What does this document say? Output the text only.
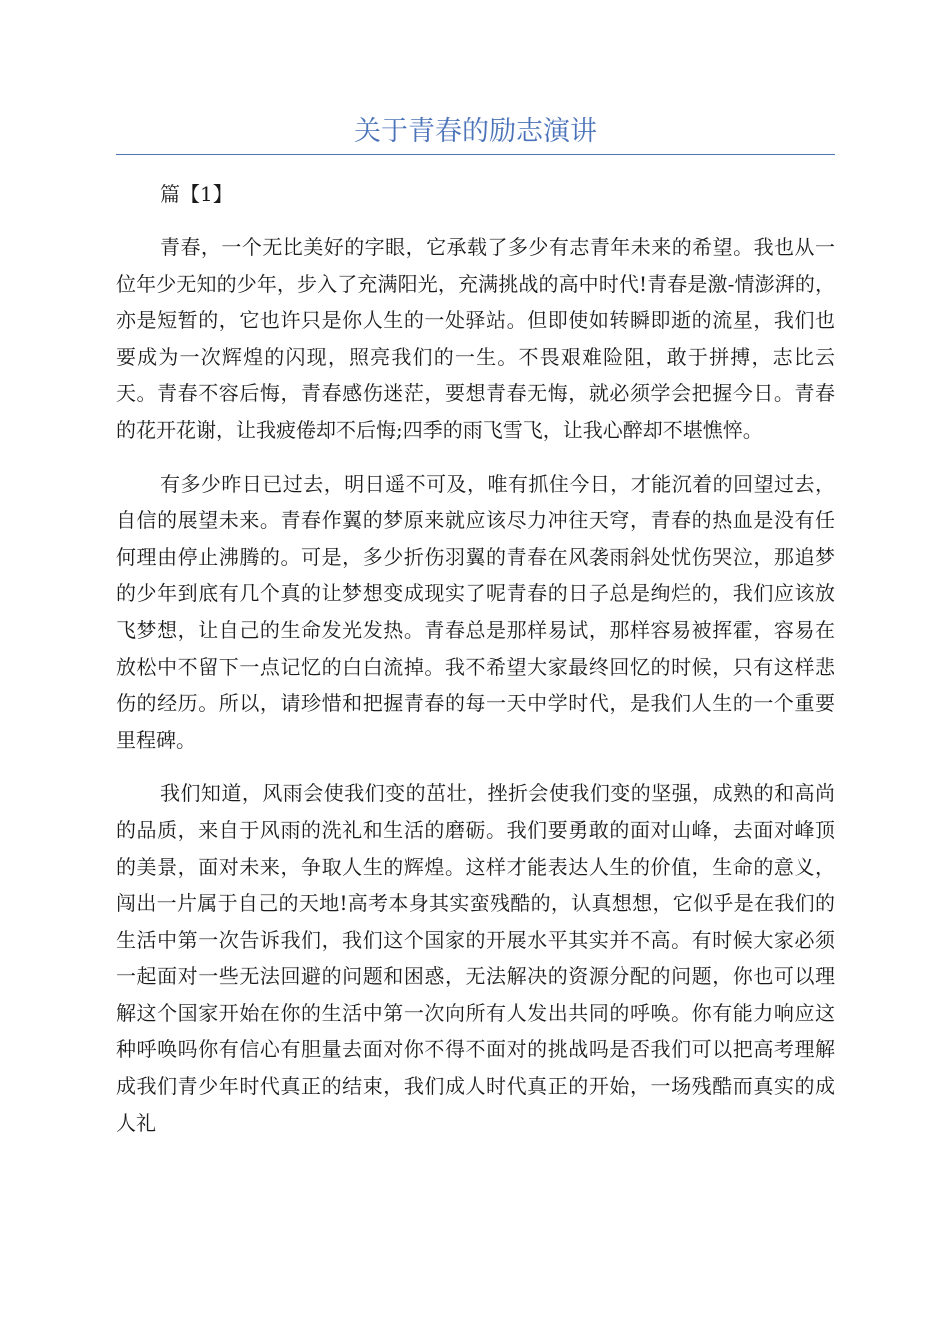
关于青春的励志演讲

篇【1】

青春，一个无比美好的字眼，它承载了多少有志青年未来的希望。我也从一位年少无知的少年，步入了充满阳光，充满挑战的高中时代!青春是激-情澎湃的，亦是短暂的，它也许只是你人生的一处驿站。但即使如转瞬即逝的流星，我们也要成为一次辉煌的闪现，照亮我们的一生。不畏艰难险阻，敢于拼搏，志比云天。青春不容后悔，青春感伤迷茫，要想青春无悔，就必须学会把握今日。青春的花开花谢，让我疲倦却不后悔;四季的雨飞雪飞，让我心醉却不堪憔悴。

有多少昨日已过去，明日遥不可及，唯有抓住今日，才能沉着的回望过去，自信的展望未来。青春作翼的梦原来就应该尽力冲往天穹，青春的热血是没有任何理由停止沸腾的。可是，多少折伤羽翼的青春在风袭雨斜处忧伤哭泣，那追梦的少年到底有几个真的让梦想变成现实了呢青春的日子总是绚烂的，我们应该放飞梦想，让自己的生命发光发热。青春总是那样易试，那样容易被挥霍，容易在放松中不留下一点记忆的白白流掉。我不希望大家最终回忆的时候，只有这样悲伤的经历。所以，请珍惜和把握青春的每一天中学时代，是我们人生的一个重要里程碑。

我们知道，风雨会使我们变的茁壮，挫折会使我们变的坚强，成熟的和高尚的品质，来自于风雨的洗礼和生活的磨砺。我们要勇敢的面对山峰，去面对峰顶的美景，面对未来，争取人生的辉煌。这样才能表达人生的价值，生命的意义，闯出一片属于自己的天地!高考本身其实蛮残酷的，认真想想，它似乎是在我们的生活中第一次告诉我们，我们这个国家的开展水平其实并不高。有时候大家必须一起面对一些无法回避的问题和困惑，无法解决的资源分配的问题，你也可以理解这个国家开始在你的生活中第一次向所有人发出共同的呼唤。你有能力响应这种呼唤吗你有信心有胆量去面对你不得不面对的挑战吗是否我们可以把高考理解成我们青少年时代真正的结束，我们成人时代真正的开始，一场残酷而真实的成人礼
